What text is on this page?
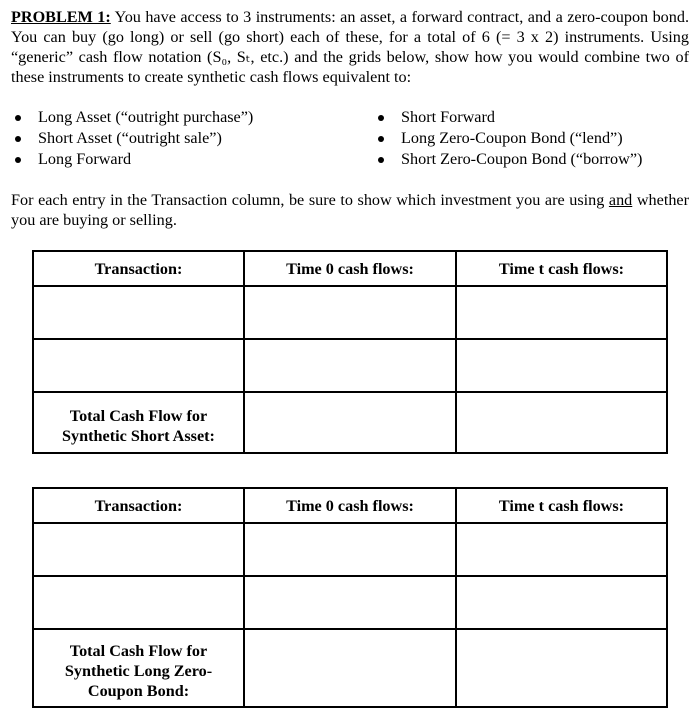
PROBLEM 1: You have access to 3 instruments: an asset, a forward contract, and a zero-coupon bond. You can buy (go long) or sell (go short) each of these, for a total of 6 (= 3 x 2) instruments. Using “generic” cash flow notation (S₀, Sₜ, etc.) and the grids below, show how you would combine two of these instruments to create synthetic cash flows equivalent to:
Long Asset (“outright purchase”)
Short Asset (“outright sale”)
Long Forward
Short Forward
Long Zero-Coupon Bond (“lend”)
Short Zero-Coupon Bond (“borrow”)
For each entry in the Transaction column, be sure to show which investment you are using and whether you are buying or selling.
Transaction:	Time 0 cash flows:	Time t cash flows:

Total Cash Flow for
Synthetic Short Asset:		
Transaction:	Time 0 cash flows:	Time t cash flows:

Total Cash Flow for
Synthetic Long Zero-
Coupon Bond:		
